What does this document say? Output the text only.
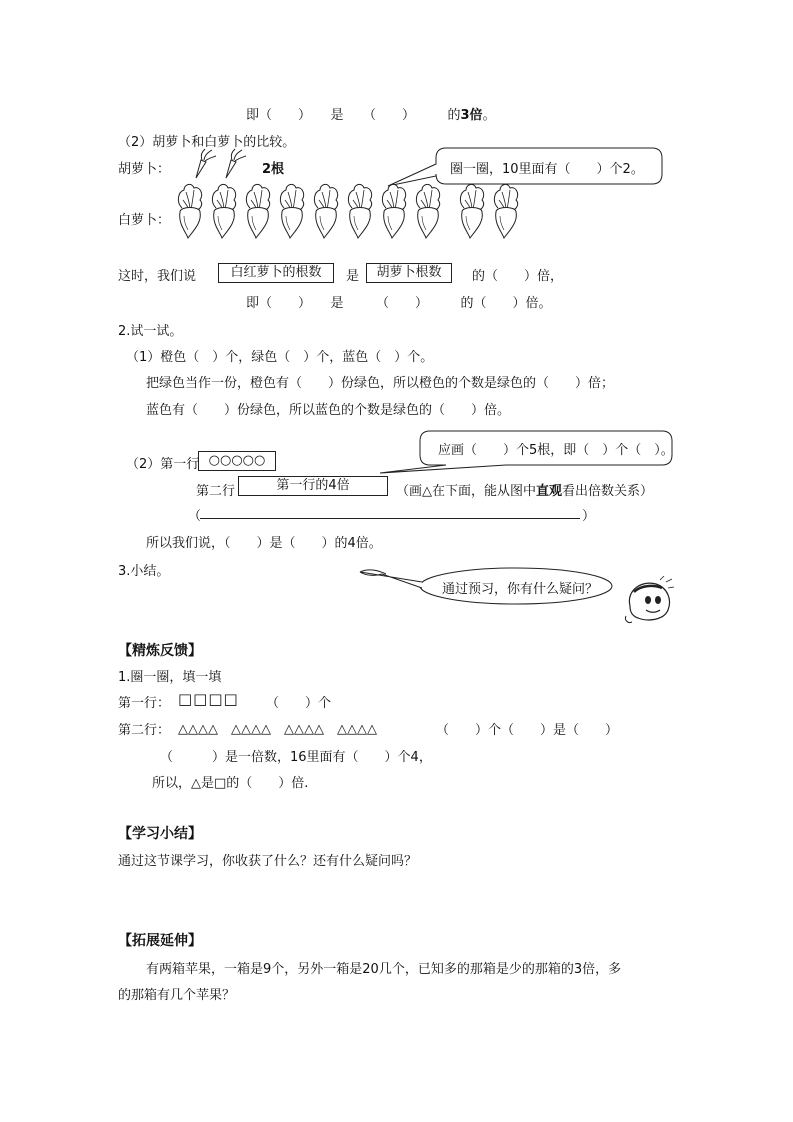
即（　　）　　是　　（　　）　　　的3倍。
（2）胡萝卜和白萝卜的比较。
胡萝卜：	2根	圈一圈，10里面有（　　）个2。
白萝卜：
这时，我们说	白红萝卜的根数	是	胡萝卜根数	的（　　）倍，
即（　　）　　是　　　（　　）　　　的（　　）倍。
2.试一试。
（1）橙色（　）个，绿色（　）个，蓝色（　）个。
把绿色当作一份，橙色有（　　）份绿色，所以橙色的个数是绿色的（　　）倍；
蓝色有（　　）份绿色，所以蓝色的个数是绿色的（　　）倍。
应画（　　）个5根，即（　）个（　）。
（2）第一行 ○○○○○
第二行	第一行的4倍	（画△在下面，能从图中直观看出倍数关系）
（	）
所以我们说，（　　）是（　　）的4倍。
3.小结。
通过预习，你有什么疑问？
【精炼反馈】
1.圈一圈，填一填
第一行： □□□□ （　　）个
第二行： △△△△　△△△△　△△△△　△△△△	（　　）个（　　）是（　　）
（　　　）是一倍数，16里面有（　　）个4，
所以，△是□的（　　）倍.
【学习小结】
通过这节课学习，你收获了什么？还有什么疑问吗？
【拓展延伸】
有两箱苹果，一箱是9个，另外一箱是20几个，已知多的那箱是少的那箱的3倍，多
的那箱有几个苹果？
